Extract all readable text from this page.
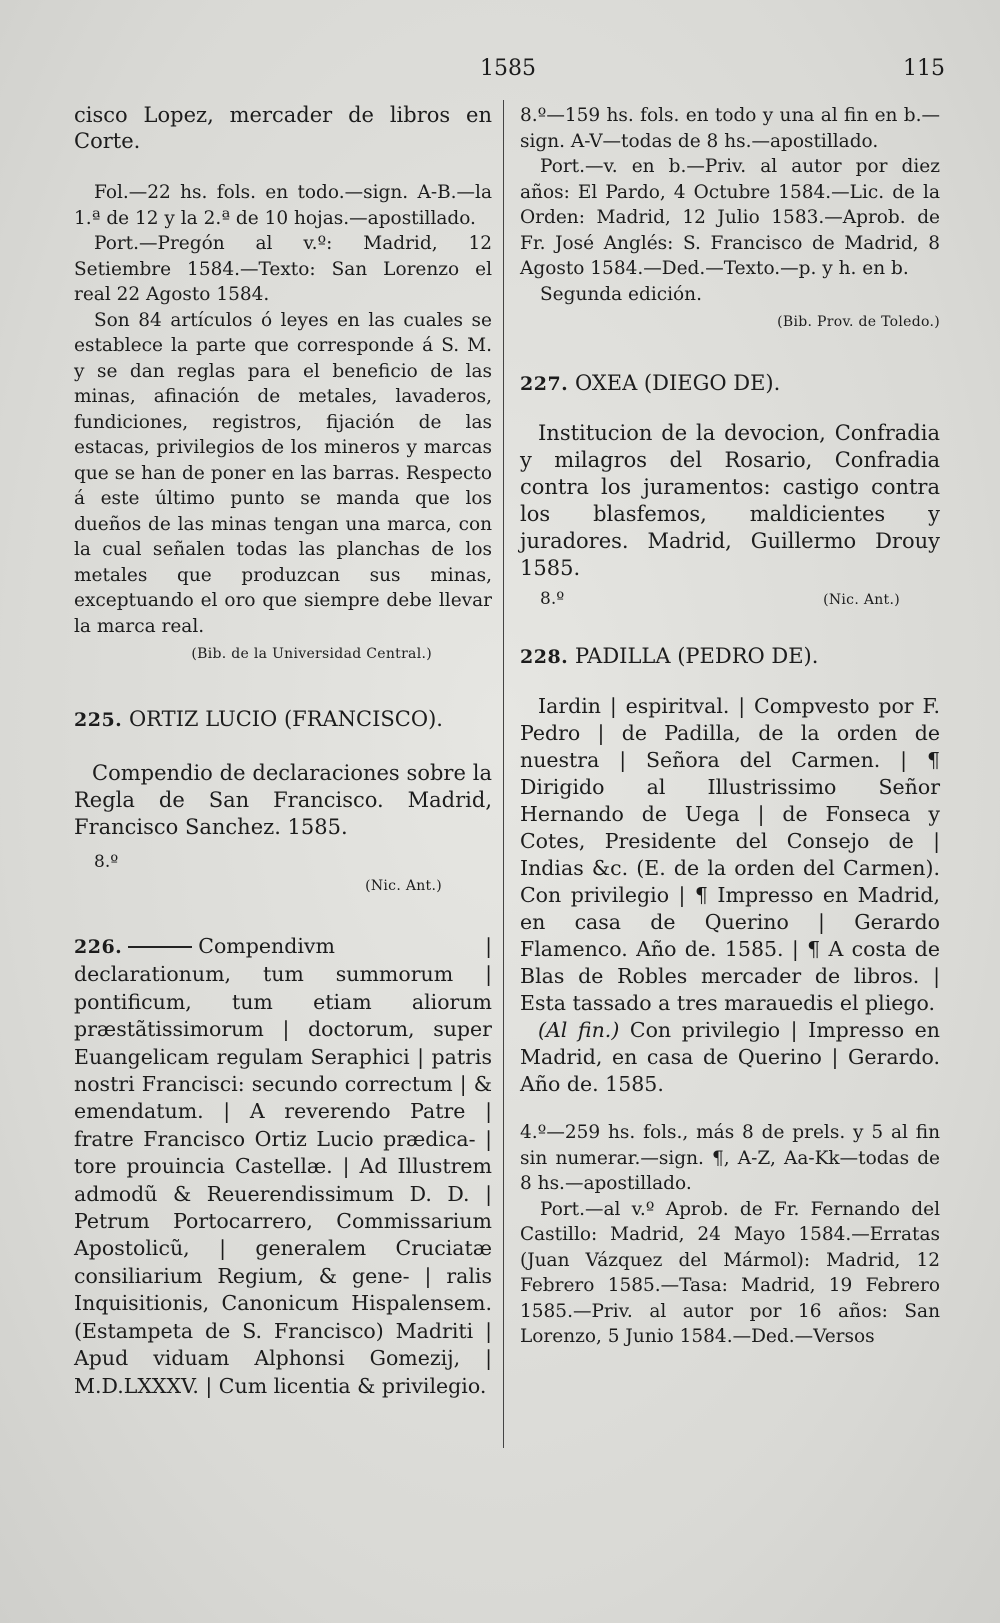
1585	115

cisco Lopez, mercader de libros en Corte.

Fol.—22 hs. fols. en todo.—sign. A-B.—la 1.ª de 12 y la 2.ª de 10 hojas.—apostillado.

Port.—Pregón al v.º: Madrid, 12 Setiembre 1584.—Texto: San Lorenzo el real 22 Agosto 1584.

Son 84 artículos ó leyes en las cuales se establece la parte que corresponde á S. M. y se dan reglas para el beneficio de las minas, afinación de metales, lavaderos, fundiciones, registros, fijación de las estacas, privilegios de los mineros y marcas que se han de poner en las barras. Respecto á este último punto se manda que los dueños de las minas tengan una marca, con la cual señalen todas las planchas de los metales que produzcan sus minas, exceptuando el oro que siempre debe llevar la marca real.

(Bib. de la Universidad Central.)

225. ORTIZ LUCIO (FRANCISCO).

Compendio de declaraciones sobre la Regla de San Francisco. Madrid, Francisco Sanchez. 1585.

8.º

(Nic. Ant.)

226.	Compendivm | declarationum, tum summorum | pontificum, tum etiam aliorum præstãtissimorum | doctorum, super Euangelicam regulam Seraphici | patris nostri Francisci: secundo correctum | & emendatum. | A reverendo Patre | fratre Francisco Ortiz Lucio prædica- | tore prouincia Castellæ. | Ad Illustrem admodũ & Reuerendissimum D. D. | Petrum Portocarrero, Commissarium Apostolicũ, | generalem Cruciatæ consiliarium Regium, & gene- | ralis Inquisitionis, Canonicum Hispalensem. (Estampeta de S. Francisco) Madriti | Apud viduam Alphonsi Gomezij, | M.D.LXXXV. | Cum licentia & privilegio.

8.º—159 hs. fols. en todo y una al fin en b.—sign. A-V—todas de 8 hs.—apostillado.

Port.—v. en b.—Priv. al autor por diez años: El Pardo, 4 Octubre 1584.—Lic. de la Orden: Madrid, 12 Julio 1583.—Aprob. de Fr. José Anglés: S. Francisco de Madrid, 8 Agosto 1584.—Ded.—Texto.—p. y h. en b.

Segunda edición.

(Bib. Prov. de Toledo.)

227. OXEA (DIEGO DE).

Institucion de la devocion, Confradia y milagros del Rosario, Confradia contra los juramentos: castigo contra los blasfemos, maldicientes y juradores. Madrid, Guillermo Drouy 1585.

8.º	(Nic. Ant.)

228. PADILLA (PEDRO DE).

Iardin | espiritval. | Compvesto por F. Pedro | de Padilla, de la orden de nuestra | Señora del Carmen. | ¶ Dirigido al Illustrissimo Señor Hernando de Uega | de Fonseca y Cotes, Presidente del Consejo de | Indias &c. (E. de la orden del Carmen). Con privilegio | ¶ Impresso en Madrid, en casa de Querino | Gerardo Flamenco. Año de. 1585. | ¶ A costa de Blas de Robles mercader de libros. | Esta tassado a tres marauedis el pliego.

(Al fin.) Con privilegio | Impresso en Madrid, en casa de Querino | Gerardo. Año de. 1585.

4.º—259 hs. fols., más 8 de prels. y 5 al fin sin numerar.—sign. ¶, A-Z, Aa-Kk—todas de 8 hs.—apostillado.

Port.—al v.º Aprob. de Fr. Fernando del Castillo: Madrid, 24 Mayo 1584.—Erratas (Juan Vázquez del Mármol): Madrid, 12 Febrero 1585.—Tasa: Madrid, 19 Febrero 1585.—Priv. al autor por 16 años: San Lorenzo, 5 Junio 1584.—Ded.—Versos
